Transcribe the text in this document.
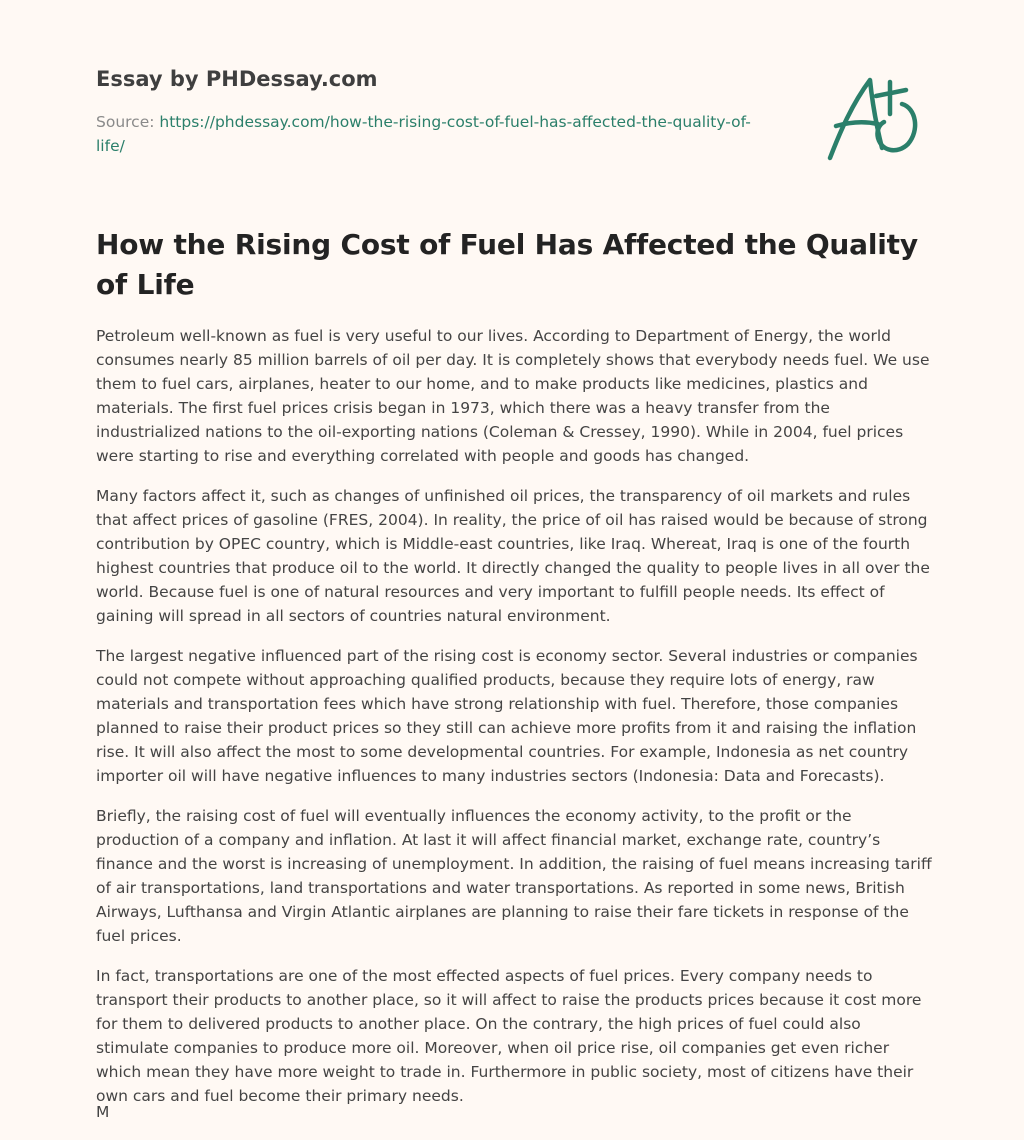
Essay by PHDessay.com
Source: https://phdessay.com/how-the-rising-cost-of-fuel-has-affected-the-quality-of-life/
How the Rising Cost of Fuel Has Affected the Quality of Life

Petroleum well-known as fuel is very useful to our lives. According to Department of Energy, the world consumes nearly 85 million barrels of oil per day. It is completely shows that everybody needs fuel. We use them to fuel cars, airplanes, heater to our home, and to make products like medicines, plastics and materials. The first fuel prices crisis began in 1973, which there was a heavy transfer from the industrialized nations to the oil-exporting nations (Coleman & Cressey, 1990). While in 2004, fuel prices were starting to rise and everything correlated with people and goods has changed.

Many factors affect it, such as changes of unfinished oil prices, the transparency of oil markets and rules that affect prices of gasoline (FRES, 2004). In reality, the price of oil has raised would be because of strong contribution by OPEC country, which is Middle-east countries, like Iraq. Whereat, Iraq is one of the fourth highest countries that produce oil to the world. It directly changed the quality to people lives in all over the world. Because fuel is one of natural resources and very important to fulfill people needs. Its effect of gaining will spread in all sectors of countries natural environment.

The largest negative influenced part of the rising cost is economy sector. Several industries or companies could not compete without approaching qualified products, because they require lots of energy, raw materials and transportation fees which have strong relationship with fuel. Therefore, those companies planned to raise their product prices so they still can achieve more profits from it and raising the inflation rise. It will also affect the most to some developmental countries. For example, Indonesia as net country importer oil will have negative influences to many industries sectors (Indonesia: Data and Forecasts).

Briefly, the raising cost of fuel will eventually influences the economy activity, to the profit or the production of a company and inflation. At last it will affect financial market, exchange rate, country’s finance and the worst is increasing of unemployment. In addition, the raising of fuel means increasing tariff of air transportations, land transportations and water transportations. As reported in some news, British Airways, Lufthansa and Virgin Atlantic airplanes are planning to raise their fare tickets in response of the fuel prices.

In fact, transportations are one of the most effected aspects of fuel prices. Every company needs to transport their products to another place, so it will affect to raise the products prices because it cost more for them to delivered products to another place. On the contrary, the high prices of fuel could also stimulate companies to produce more oil. Moreover, when oil price rise, oil companies get even richer which mean they have more weight to trade in. Furthermore in public society, most of citizens have their own cars and fuel become their primary needs.

M
